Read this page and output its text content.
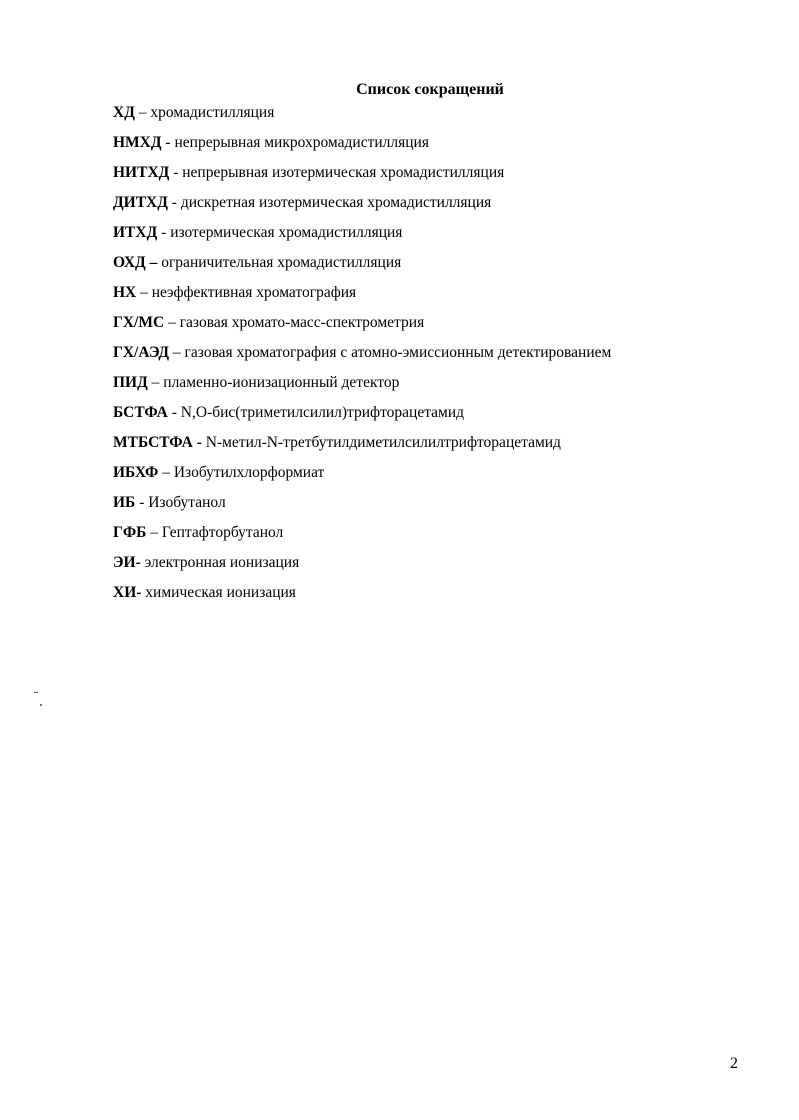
Список сокращений
ХД – хромадистилляция
НМХД - непрерывная микрохромадистилляция
НИТХД - непрерывная изотермическая хромадистилляция
ДИТХД - дискретная изотермическая хромадистилляция
ИТХД - изотермическая хромадистилляция
ОХД – ограничительная хромадистилляция
НХ – неэффективная хроматография
ГХ/МС – газовая хромато-масс-спектрометрия
ГХ/АЭД – газовая хроматография с атомно-эмиссионным детектированием
ПИД – пламенно-ионизационный детектор
БСТФА - N,O-бис(триметилсилил)трифторацетамид
МТБСТФА - N-метил-N-третбутилдиметилсилилтрифторацетамид
ИБХФ – Изобутилхлорформиат
ИБ - Изобутанол
ГФБ – Гептафторбутанол
ЭИ- электронная ионизация
ХИ- химическая ионизация
2
